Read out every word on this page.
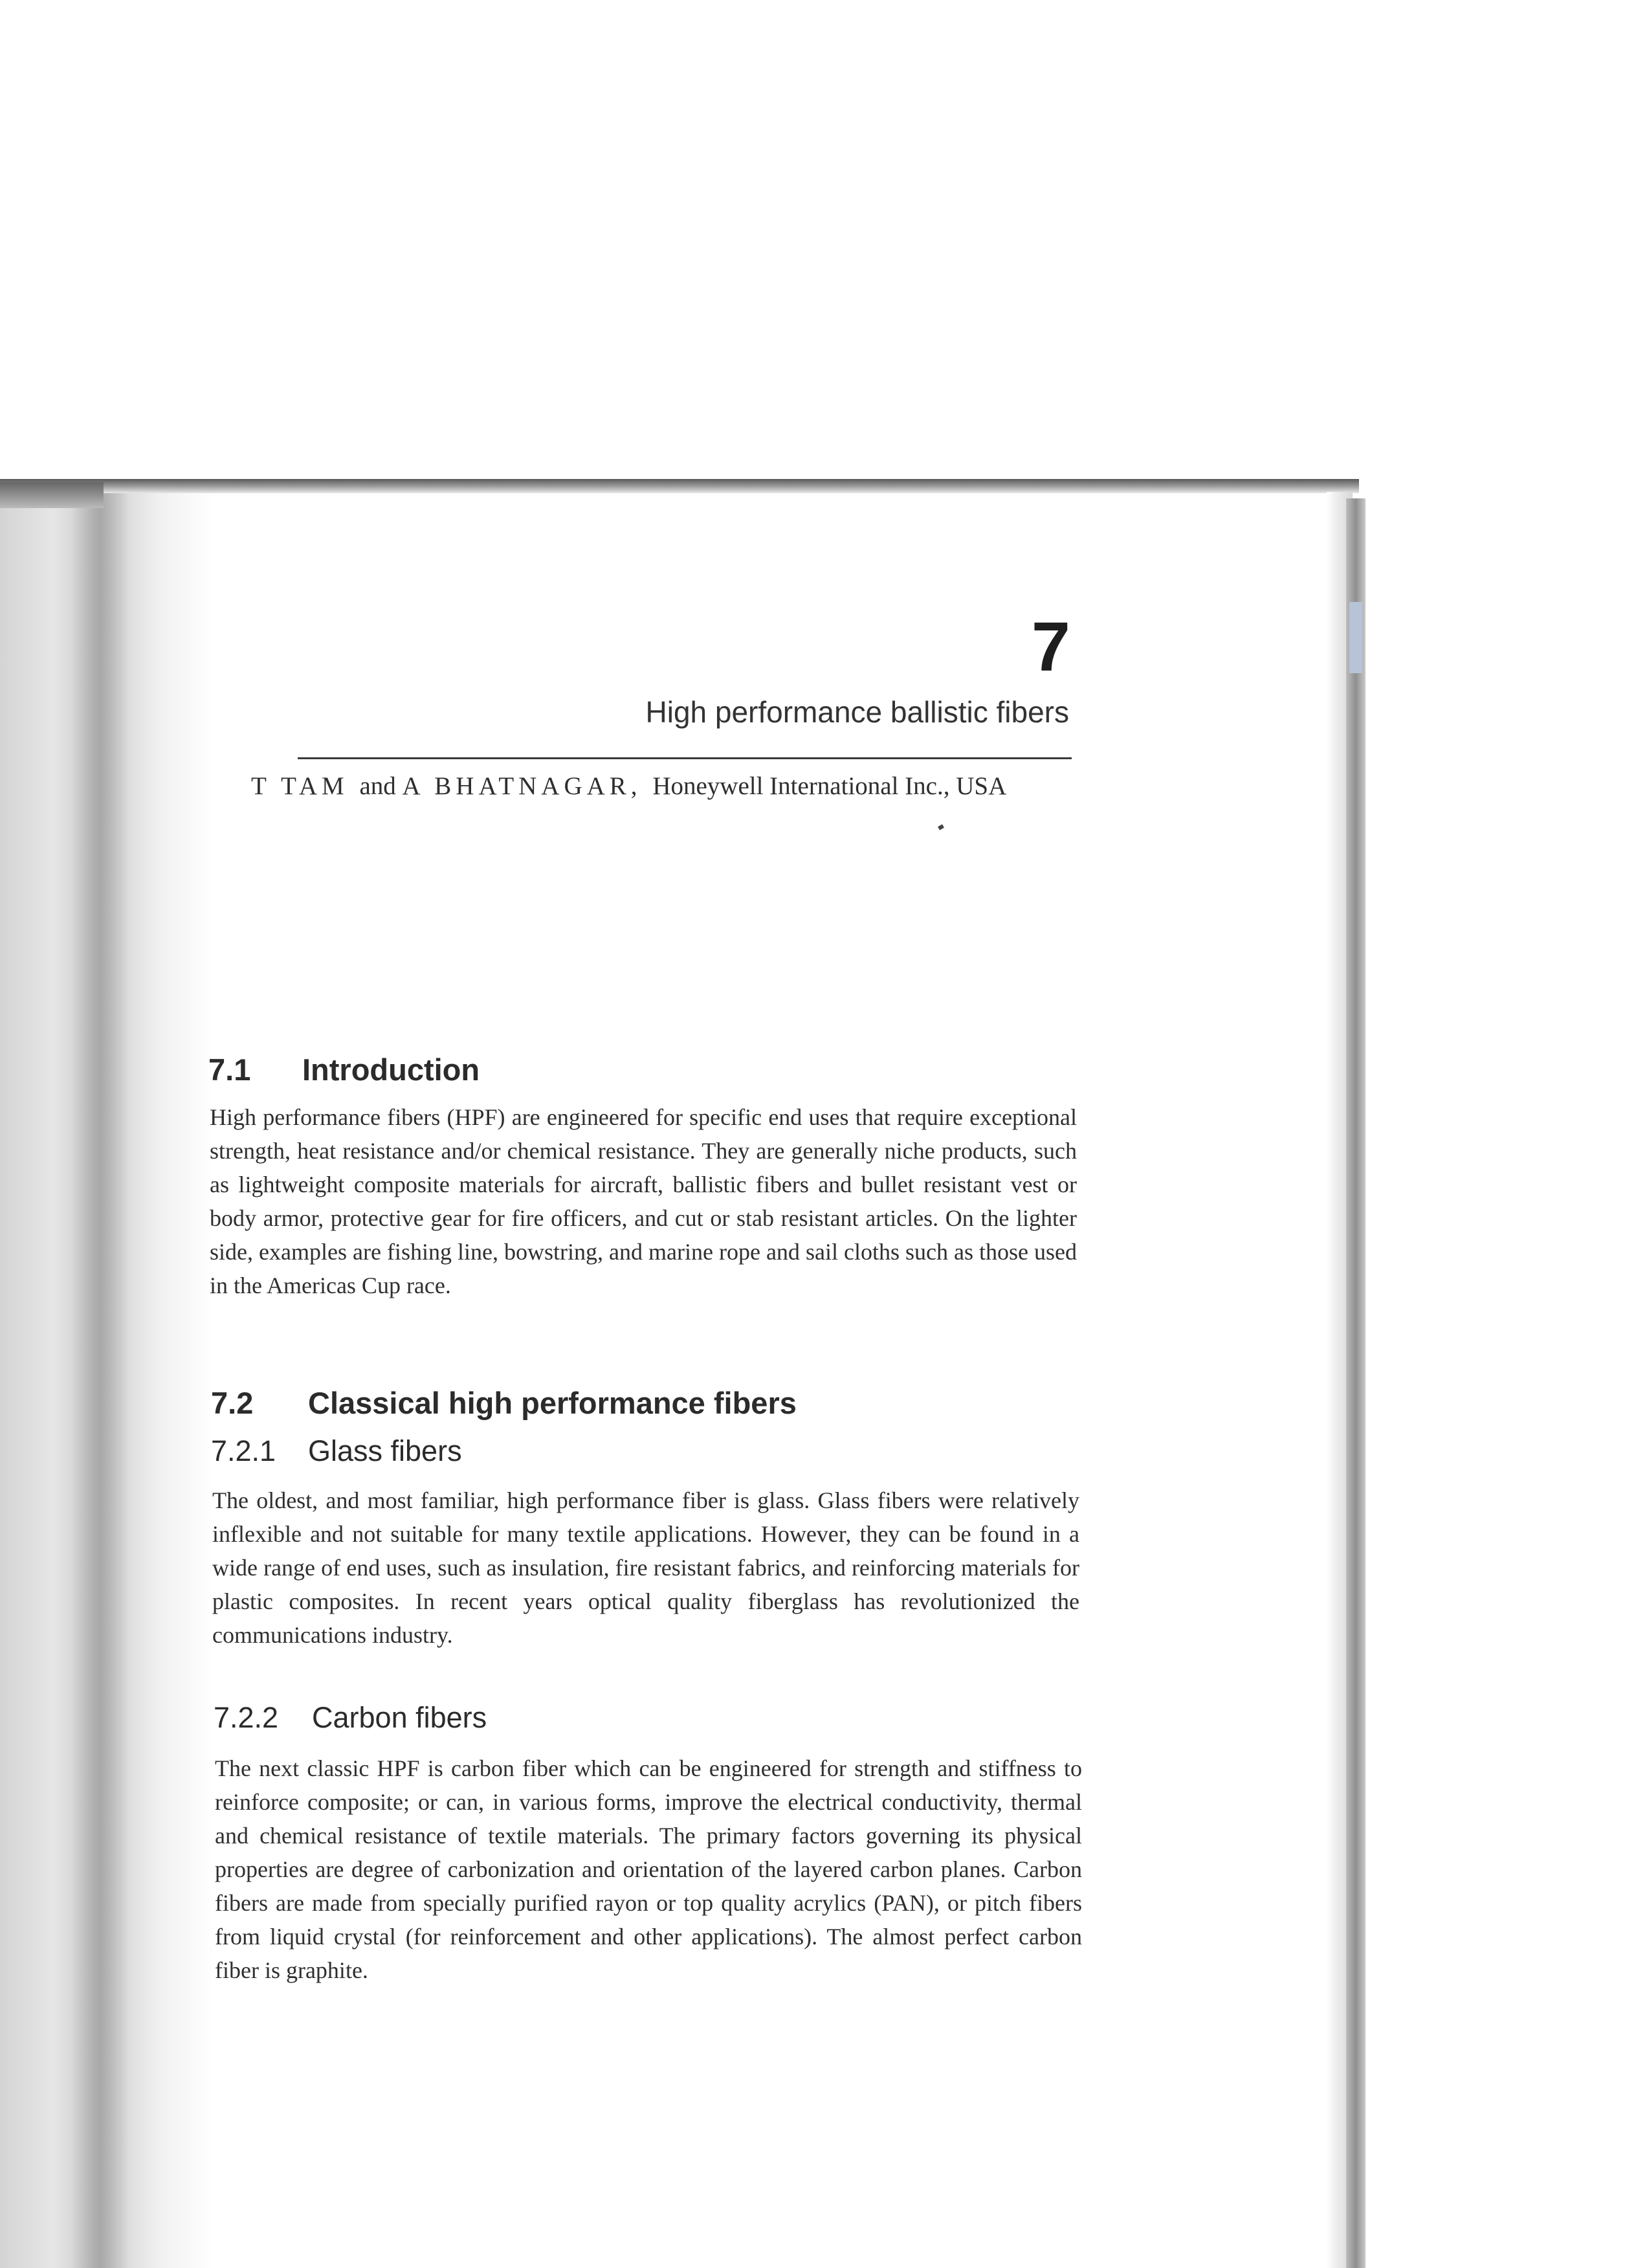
7
High performance ballistic fibers
T TAM and A BHATNAGAR, Honeywell International Inc., USA
7.1 Introduction
High performance fibers (HPF) are engineered for specific end uses that require exceptional strength, heat resistance and/or chemical resistance. They are generally niche products, such as lightweight composite materials for aircraft, ballistic fibers and bullet resistant vest or body armor, protective gear for fire officers, and cut or stab resistant articles. On the lighter side, examples are fishing line, bowstring, and marine rope and sail cloths such as those used in the Americas Cup race.
7.2 Classical high performance fibers
7.2.1 Glass fibers
The oldest, and most familiar, high performance fiber is glass. Glass fibers were relatively inflexible and not suitable for many textile applications. However, they can be found in a wide range of end uses, such as insulation, fire resistant fabrics, and reinforcing materials for plastic composites. In recent years optical quality fiberglass has revolutionized the communications industry.
7.2.2 Carbon fibers
The next classic HPF is carbon fiber which can be engineered for strength and stiffness to reinforce composite; or can, in various forms, improve the electrical conductivity, thermal and chemical resistance of textile materials. The primary factors governing its physical properties are degree of carbonization and orientation of the layered carbon planes. Carbon fibers are made from specially purified rayon or top quality acrylics (PAN), or pitch fibers from liquid crystal (for reinforcement and other applications). The almost perfect carbon fiber is graphite.
